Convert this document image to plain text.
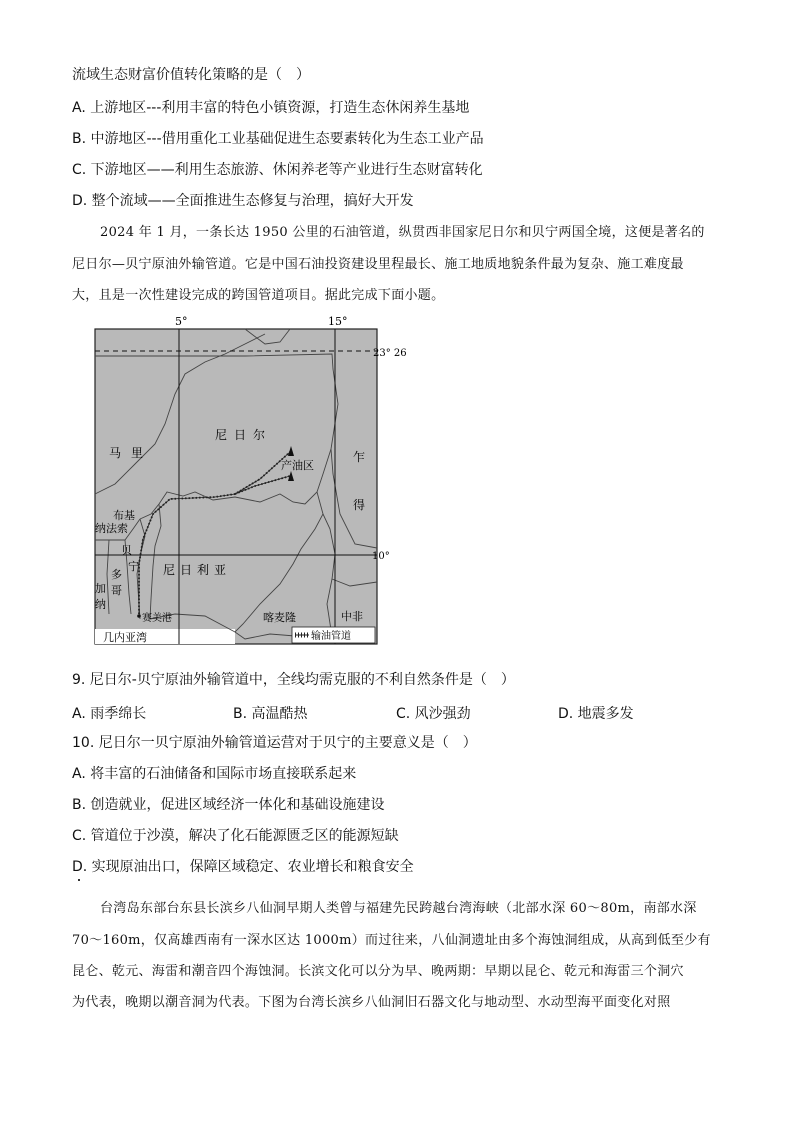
流域生态财富价值转化策略的是（　）
A. 上游地区---利用丰富的特色小镇资源，打造生态休闲养生基地
B. 中游地区---借用重化工业基础促进生态要素转化为生态工业产品
C. 下游地区——利用生态旅游、休闲养老等产业进行生态财富转化
D. 整个流域——全面推进生态修复与治理，搞好大开发
2024 年 1 月，一条长达 1950 公里的石油管道，纵贯西非国家尼日尔和贝宁两国全境，这便是著名的
尼日尔—贝宁原油外输管道。它是中国石油投资建设里程最长、施工地质地貌条件最为复杂、施工难度最
大，且是一次性建设完成的跨国管道项目。据此完成下面小题。
5°	15°
23° 26
10°
马里
尼日尔
乍
得
布基
纳法索
贝
宁
多
哥
加
纳
尼日利亚
喀麦隆	中非
产油区
赛美港
几内亚湾	输油管道
9. 尼日尔-贝宁原油外输管道中，全线均需克服的不利自然条件是（　）
A. 雨季绵长	B. 高温酷热	C. 风沙强劲	D. 地震多发
10. 尼日尔一贝宁原油外输管道运营对于贝宁的主要意义是（　）
A. 将丰富的石油储备和国际市场直接联系起来
B. 创造就业，促进区域经济一体化和基础设施建设
C. 管道位于沙漠，解决了化石能源匮乏区的能源短缺
D. 实现原油出口，保障区域稳定、农业增长和粮食安全
台湾岛东部台东县长滨乡八仙洞早期人类曾与福建先民跨越台湾海峡（北部水深 60～80m，南部水深
70～160m，仅高雄西南有一深水区达 1000m）而过往来，八仙洞遗址由多个海蚀洞组成，从高到低至少有
昆仑、乾元、海雷和潮音四个海蚀洞。长滨文化可以分为早、晚两期：早期以昆仑、乾元和海雷三个洞穴
为代表，晚期以潮音洞为代表。下图为台湾长滨乡八仙洞旧石器文化与地动型、水动型海平面变化对照
